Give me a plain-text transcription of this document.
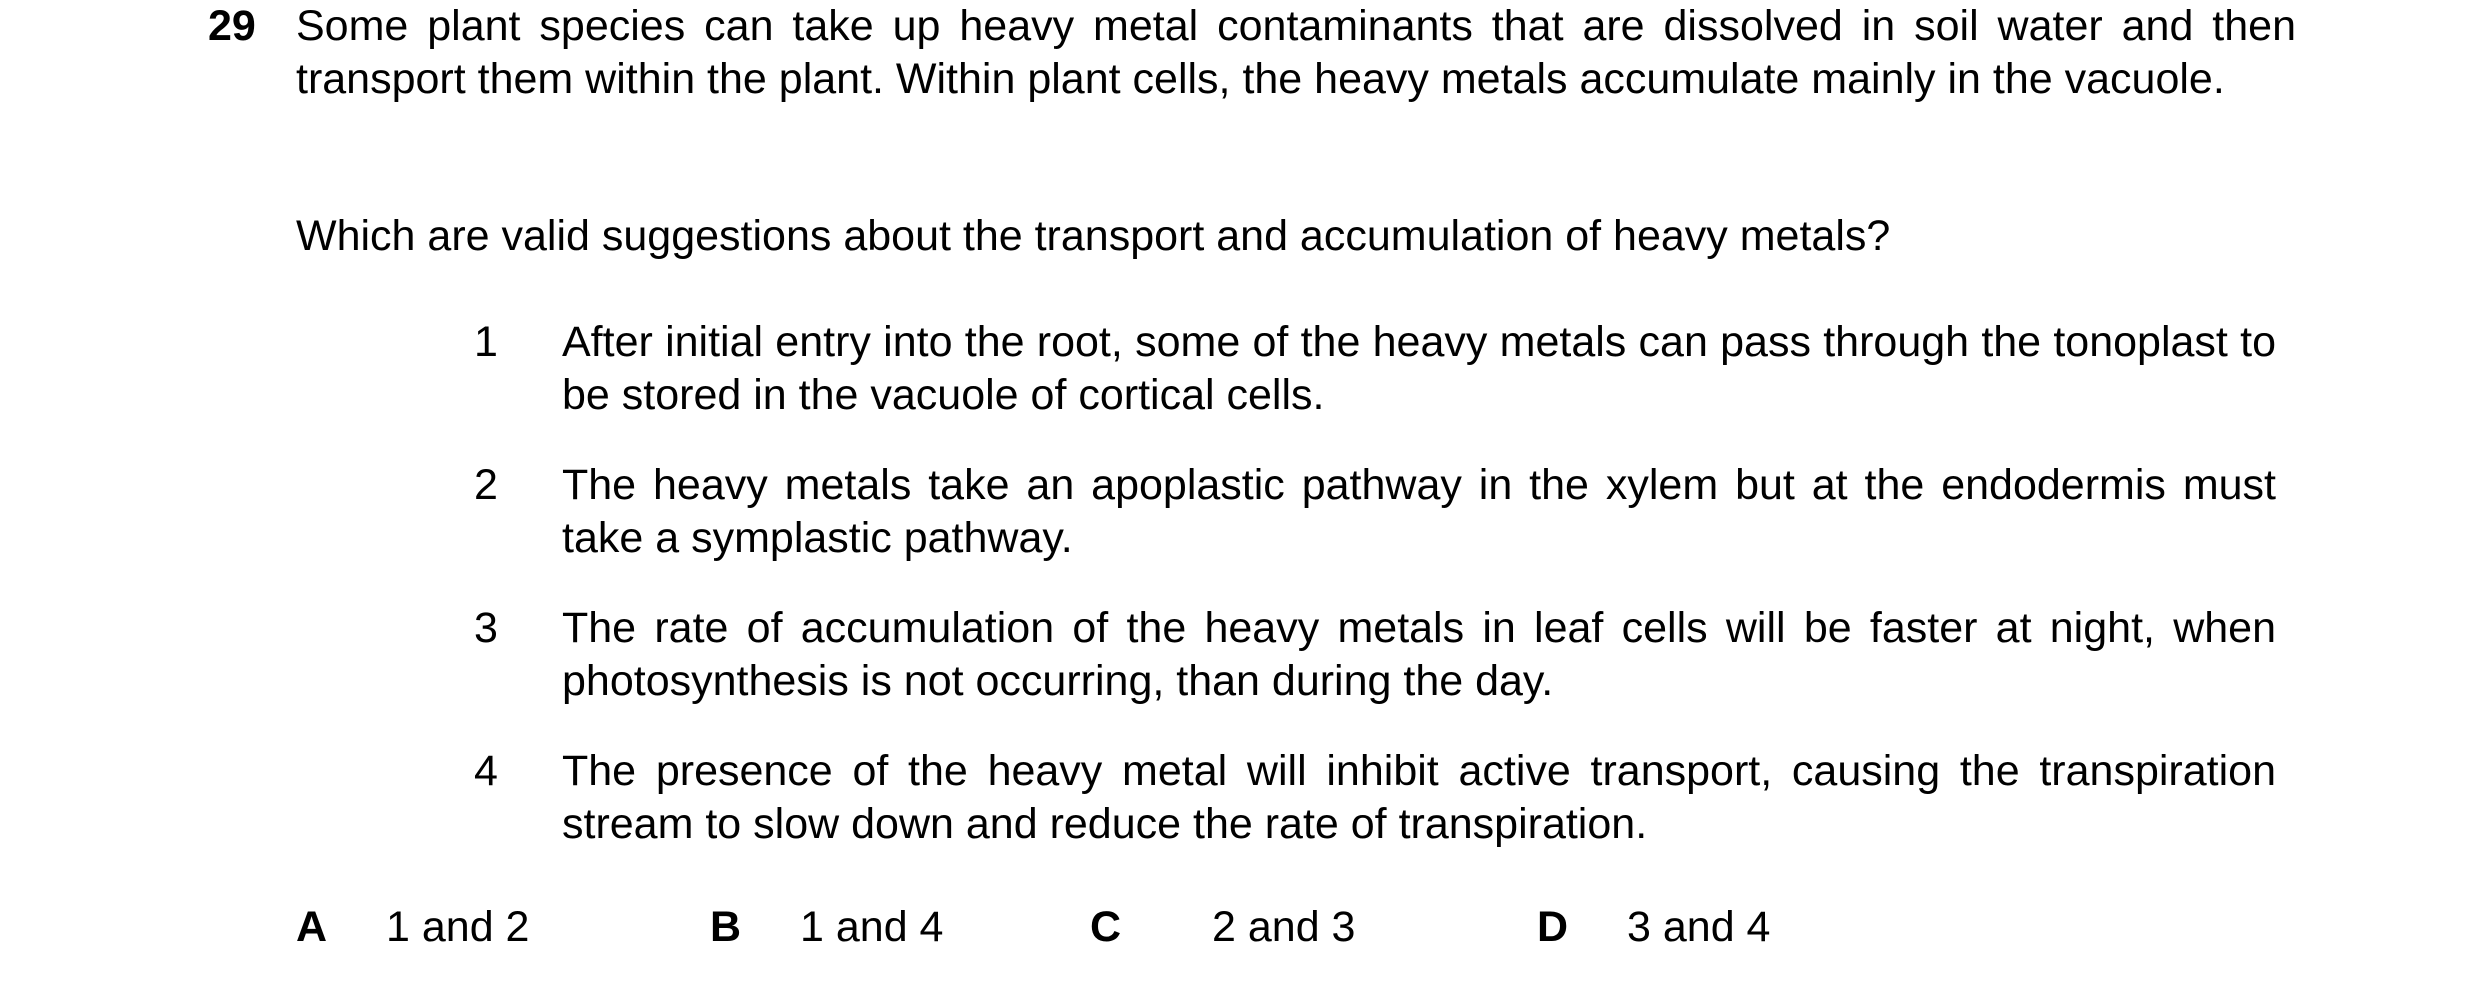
29 Some plant species can take up heavy metal contaminants that are dissolved in soil water and then transport them within the plant. Within plant cells, the heavy metals accumulate mainly in the vacuole.
Which are valid suggestions about the transport and accumulation of heavy metals?
1 After initial entry into the root, some of the heavy metals can pass through the tonoplast to be stored in the vacuole of cortical cells.
2 The heavy metals take an apoplastic pathway in the xylem but at the endodermis must take a symplastic pathway.
3 The rate of accumulation of the heavy metals in leaf cells will be faster at night, when photosynthesis is not occurring, than during the day.
4 The presence of the heavy metal will inhibit active transport, causing the transpiration stream to slow down and reduce the rate of transpiration.
A 1 and 2	B 1 and 4	C 2 and 3	D 3 and 4
